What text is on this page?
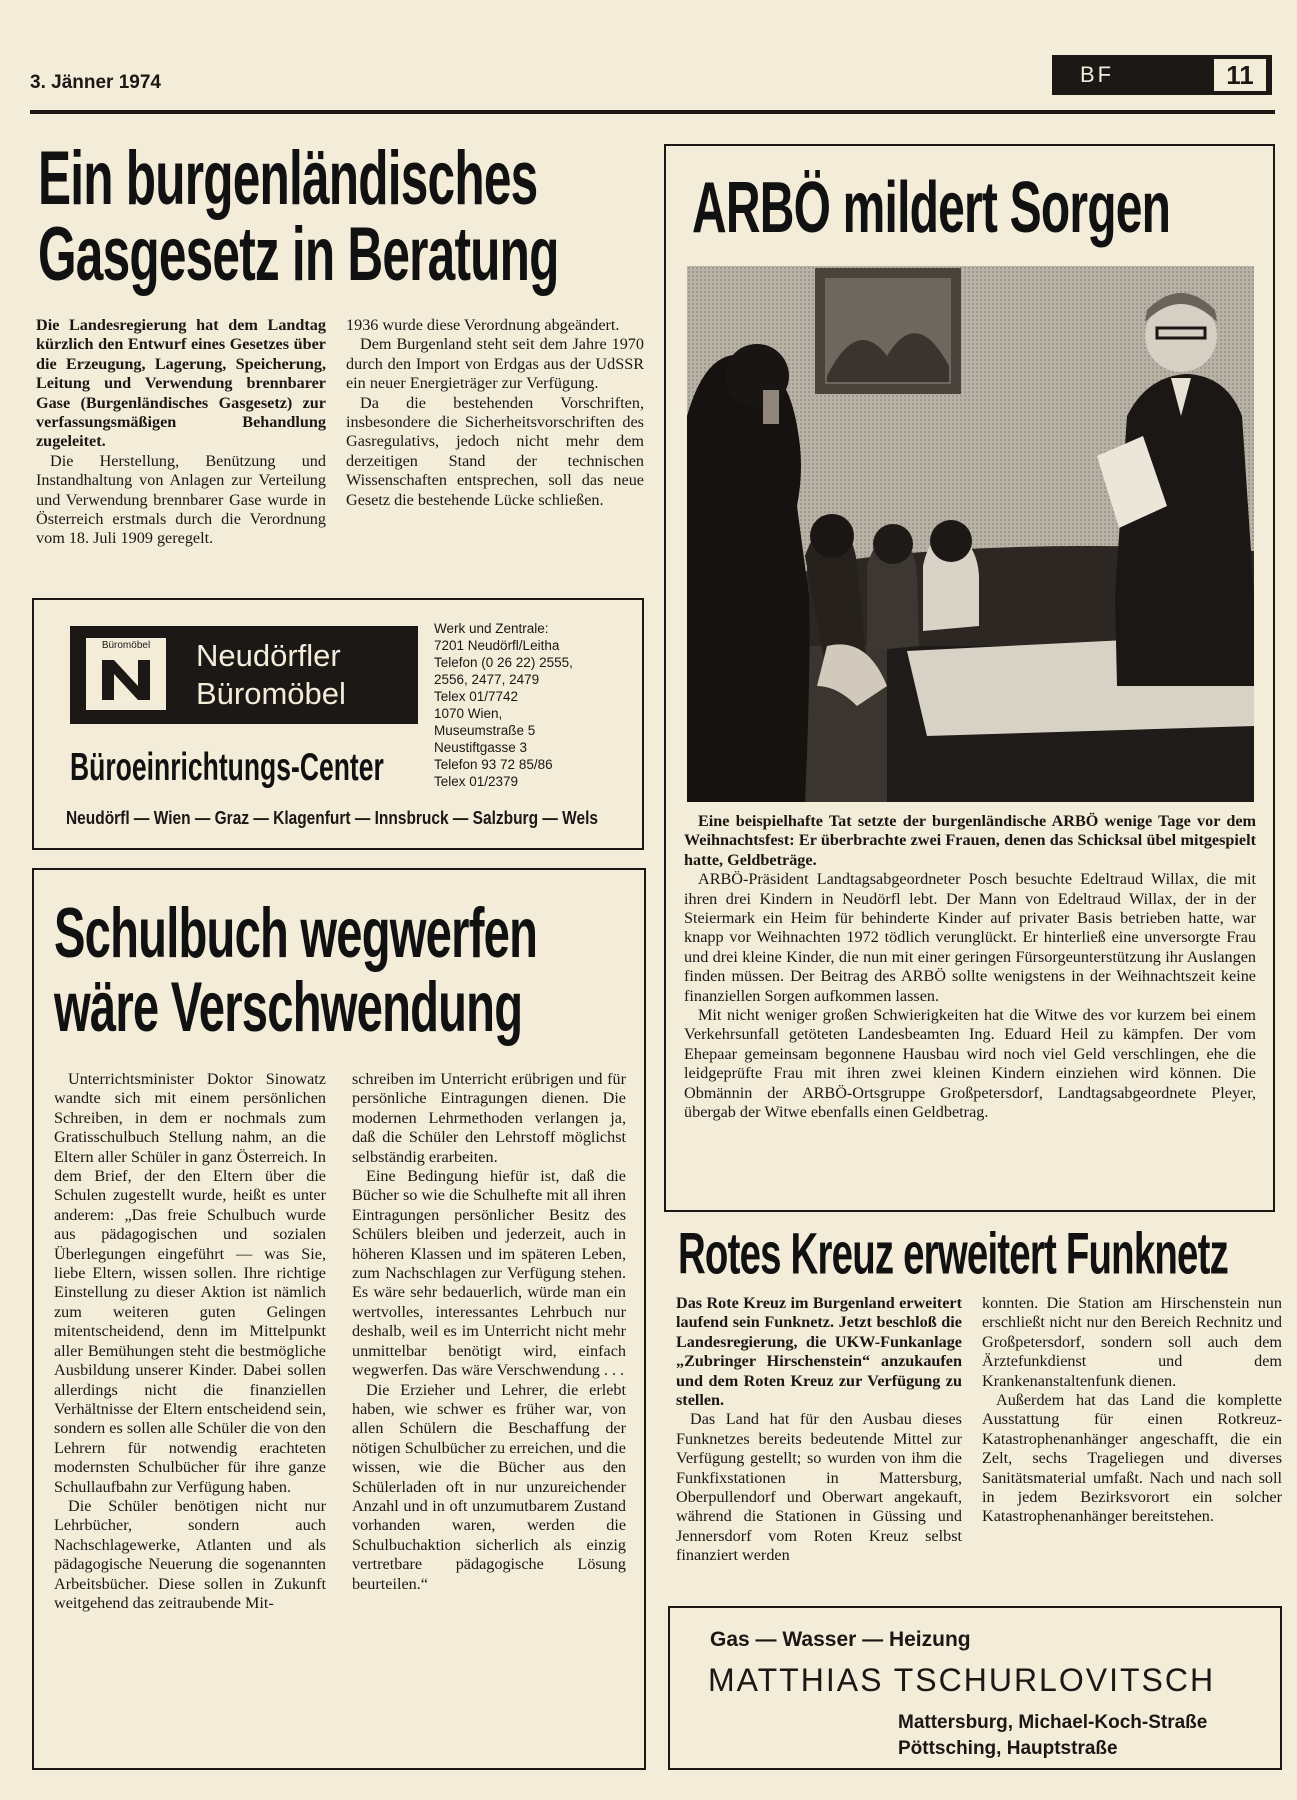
3. Jänner 1974	BF	11
Ein burgenländisches
Gasgesetz in Beratung

Die Landesregierung hat dem Landtag kürzlich den Entwurf eines Gesetzes über die Erzeugung, Lagerung, Speicherung, Leitung und Verwendung brennbarer Gase (Burgenländisches Gasgesetz) zur verfassungsmäßigen Behandlung zugeleitet.

Die Herstellung, Benützung und Instandhaltung von Anlagen zur Verteilung und Verwendung brennbarer Gase wurde in Österreich erstmals durch die Verordnung vom 18. Juli 1909 geregelt.

1936 wurde diese Verordnung abgeändert.

Dem Burgenland steht seit dem Jahre 1970 durch den Import von Erdgas aus der UdSSR ein neuer Energieträger zur Verfügung.

Da die bestehenden Vorschriften, insbesondere die Sicherheitsvorschriften des Gasregulativs, jedoch nicht mehr dem derzeitigen Stand der technischen Wissenschaften entsprechen, soll das neue Gesetz die bestehende Lücke schließen.

Büromöbel	Neudörfler
Büromöbel
Werk und Zentrale:
7201 Neudörfl/Leitha
Telefon (0 26 22) 2555,
2556, 2477, 2479
Telex 01/7742
1070 Wien,
Museumstraße 5
Neustiftgasse 3
Telefon 93 72 85/86
Telex 01/2379
Büroeinrichtungs-Center
Neudörfl — Wien — Graz — Klagenfurt — Innsbruck — Salzburg — Wels
Schulbuch wegwerfen
wäre Verschwendung

Unterrichtsminister Doktor Sinowatz wandte sich mit einem persönlichen Schreiben, in dem er nochmals zum Gratisschulbuch Stellung nahm, an die Eltern aller Schüler in ganz Österreich. In dem Brief, der den Eltern über die Schulen zugestellt wurde, heißt es unter anderem: „Das freie Schulbuch wurde aus pädagogischen und sozialen Überlegungen eingeführt — was Sie, liebe Eltern, wissen sollen. Ihre richtige Einstellung zu dieser Aktion ist nämlich zum weiteren guten Gelingen mitentscheidend, denn im Mittelpunkt aller Bemühungen steht die bestmögliche Ausbildung unserer Kinder. Dabei sollen allerdings nicht die finanziellen Verhältnisse der Eltern entscheidend sein, sondern es sollen alle Schüler die von den Lehrern für notwendig erachteten modernsten Schulbücher für ihre ganze Schullaufbahn zur Verfügung haben.

Die Schüler benötigen nicht nur Lehrbücher, sondern auch Nachschlagewerke, Atlanten und als pädagogische Neuerung die sogenannten Arbeitsbücher. Diese sollen in Zukunft weitgehend das zeitraubende Mit-

schreiben im Unterricht erübrigen und für persönliche Eintragungen dienen. Die modernen Lehrmethoden verlangen ja, daß die Schüler den Lehrstoff möglichst selbständig erarbeiten.

Eine Bedingung hiefür ist, daß die Bücher so wie die Schulhefte mit all ihren Eintragungen persönlicher Besitz des Schülers bleiben und jederzeit, auch in höheren Klassen und im späteren Leben, zum Nachschlagen zur Verfügung stehen. Es wäre sehr bedauerlich, würde man ein wertvolles, interessantes Lehrbuch nur deshalb, weil es im Unterricht nicht mehr unmittelbar benötigt wird, einfach wegwerfen. Das wäre Verschwendung . . .

Die Erzieher und Lehrer, die erlebt haben, wie schwer es früher war, von allen Schülern die Beschaffung der nötigen Schulbücher zu erreichen, und die wissen, wie die Bücher aus den Schülerladen oft in nur unzureichender Anzahl und in oft unzumutbarem Zustand vorhanden waren, werden die Schulbuchaktion sicherlich als einzig vertretbare pädagogische Lösung beurteilen.“

ARBÖ mildert Sorgen

Eine beispielhafte Tat setzte der burgenländische ARBÖ wenige Tage vor dem Weihnachtsfest: Er überbrachte zwei Frauen, denen das Schicksal übel mitgespielt hatte, Geldbeträge.

ARBÖ-Präsident Landtagsabgeordneter Posch besuchte Edeltraud Willax, die mit ihren drei Kindern in Neudörfl lebt. Der Mann von Edeltraud Willax, der in der Steiermark ein Heim für behinderte Kinder auf privater Basis betrieben hatte, war knapp vor Weihnachten 1972 tödlich verunglückt. Er hinterließ eine unversorgte Frau und drei kleine Kinder, die nun mit einer geringen Fürsorgeunterstützung ihr Auslangen finden müssen. Der Beitrag des ARBÖ sollte wenigstens in der Weihnachtszeit keine finanziellen Sorgen aufkommen lassen.

Mit nicht weniger großen Schwierigkeiten hat die Witwe des vor kurzem bei einem Verkehrsunfall getöteten Landesbeamten Ing. Eduard Heil zu kämpfen. Der vom Ehepaar gemeinsam begonnene Hausbau wird noch viel Geld verschlingen, ehe die leidgeprüfte Frau mit ihren zwei kleinen Kindern einziehen wird können. Die Obmännin der ARBÖ-Ortsgruppe Großpetersdorf, Landtagsabgeordnete Pleyer, übergab der Witwe ebenfalls einen Geldbetrag.

Rotes Kreuz erweitert Funknetz

Das Rote Kreuz im Burgenland erweitert laufend sein Funknetz. Jetzt beschloß die Landesregierung, die UKW-Funkanlage „Zubringer Hirschenstein“ anzukaufen und dem Roten Kreuz zur Verfügung zu stellen.

Das Land hat für den Ausbau dieses Funknetzes bereits bedeutende Mittel zur Verfügung gestellt; so wurden von ihm die Funkfixstationen in Mattersburg, Oberpullendorf und Oberwart angekauft, während die Stationen in Güssing und Jennersdorf vom Roten Kreuz selbst finanziert werden

konnten. Die Station am Hirschenstein nun erschließt nicht nur den Bereich Rechnitz und Großpetersdorf, sondern soll auch dem Ärztefunkdienst und dem Krankenanstaltenfunk dienen.

Außerdem hat das Land die komplette Ausstattung für einen Rotkreuz-Katastrophenanhänger angeschafft, die ein Zelt, sechs Trageliegen und diverses Sanitätsmaterial umfaßt. Nach und nach soll in jedem Bezirksvorort ein solcher Katastrophenanhänger bereitstehen.

Gas — Wasser — Heizung
MATTHIAS TSCHURLOVITSCH
Mattersburg, Michael-Koch-Straße
Pöttsching, Hauptstraße
